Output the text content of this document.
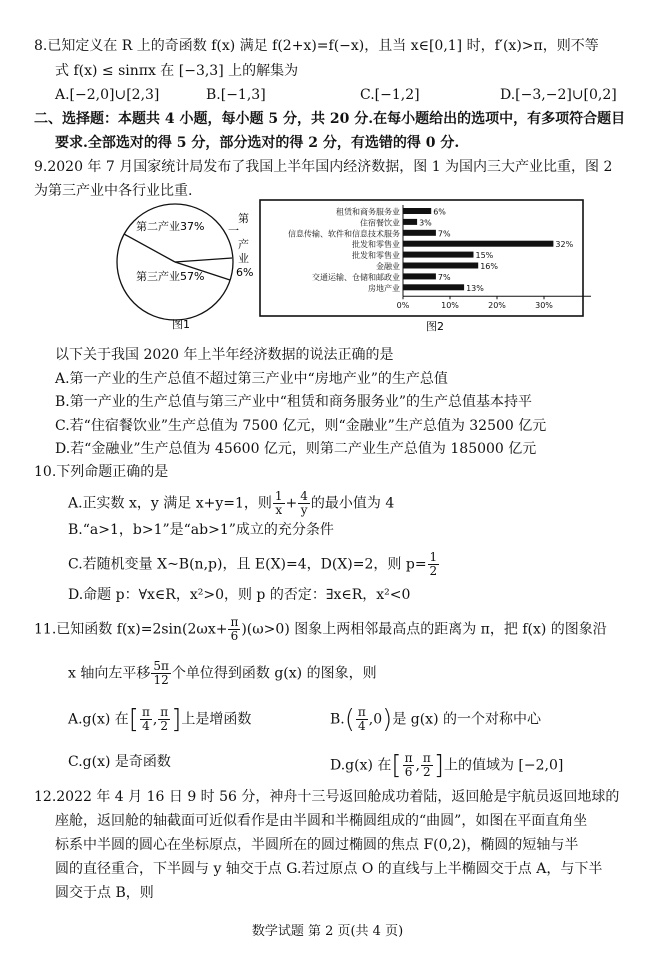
8.已知定义在 R 上的奇函数 f(x) 满足 f(2+x)=f(−x)，且当 x∈[0,1] 时，f′(x)>π，则不等
式 f(x) ≤ sinπx 在 [−3,3] 上的解集为
A.[−2,0]∪[2,3]	B.[−1,3]	C.[−1,2]	D.[−3,−2]∪[0,2]
二、选择题：本题共 4 小题，每小题 5 分，共 20 分.在每小题给出的选项中，有多项符合题目
要求.全部选对的得 5 分，部分选对的得 2 分，有选错的得 0 分.
9.2020 年 7 月国家统计局发布了我国上半年国内经济数据，图 1 为国内三大产业比重，图 2
为第三产业中各行业比重.
第二产业37%
第三产业57%
第
一
产
业
6%
图1
租赁和商务服务业	6%
住宿餐饮业 3%
信息传输、软件和信息技术服务	7%
批发和零售业	32%
批发和零售业	15%
金融业	16%
交通运输、仓储和邮政业	7%
房地产业	13%
0%	10%	20%	30%
图2
以下关于我国 2020 年上半年经济数据的说法正确的是
A.第一产业的生产总值不超过第三产业中“房地产业”的生产总值
B.第一产业的生产总值与第三产业中“租赁和商务服务业”的生产总值基本持平
C.若“住宿餐饮业”生产总值为 7500 亿元，则“金融业”生产总值为 32500 亿元
D.若“金融业”生产总值为 45600 亿元，则第二产业生产总值为 185000 亿元
10.下列命题正确的是
A.正实数 x，y 满足 x+y=1，则 $\frac{1}{x} + \frac{4}{y}$ 的最小值为 4
B.“a>1，b>1”是“ab>1”成立的充分条件
C.若随机变量 X~B(n,p)，且 E(X)=4，D(X)=2，则 $p= \frac{1}{2}$
D.命题 p：∀x∈R，x²>0，则 p 的否定：∃x∈R，x²<0
11.已知函数 $f(x)=2\sin(2\omega x+ \frac{\pi}{6} )(\omega>0)$ 图象上两相邻最高点的距离为 π，把 f(x) 的图象沿
x 轴向左平移 $\frac{5\pi}{12}$ 个单位得到函数 g(x) 的图象，则
A.g(x) 在[ $\frac{\pi}{4}$ , $\frac{\pi}{2}$ ]上是增函数	$B.( \frac{\pi}{4} ,0)$是 g(x) 的一个对称中心
C.g(x) 是奇函数	D.g(x) 在[ $\frac{\pi}{6}$ , $\frac{\pi}{2}$ ]上的值域为 [−2,0]
12.2022 年 4 月 16 日 9 时 56 分，神舟十三号返回舱成功着陆，返回舱是宇航员返回地球的
座舱，返回舱的轴截面可近似看作是由半圆和半椭圆组成的“曲圆”，如图在平面直角坐
标系中半圆的圆心在坐标原点，半圆所在的圆过椭圆的焦点 F(0,2)，椭圆的短轴与半
圆的直径重合，下半圆与 y 轴交于点 G.若过原点 O 的直线与上半椭圆交于点 A，与下半
圆交于点 B，则
数学试题 第 2 页(共 4 页)
